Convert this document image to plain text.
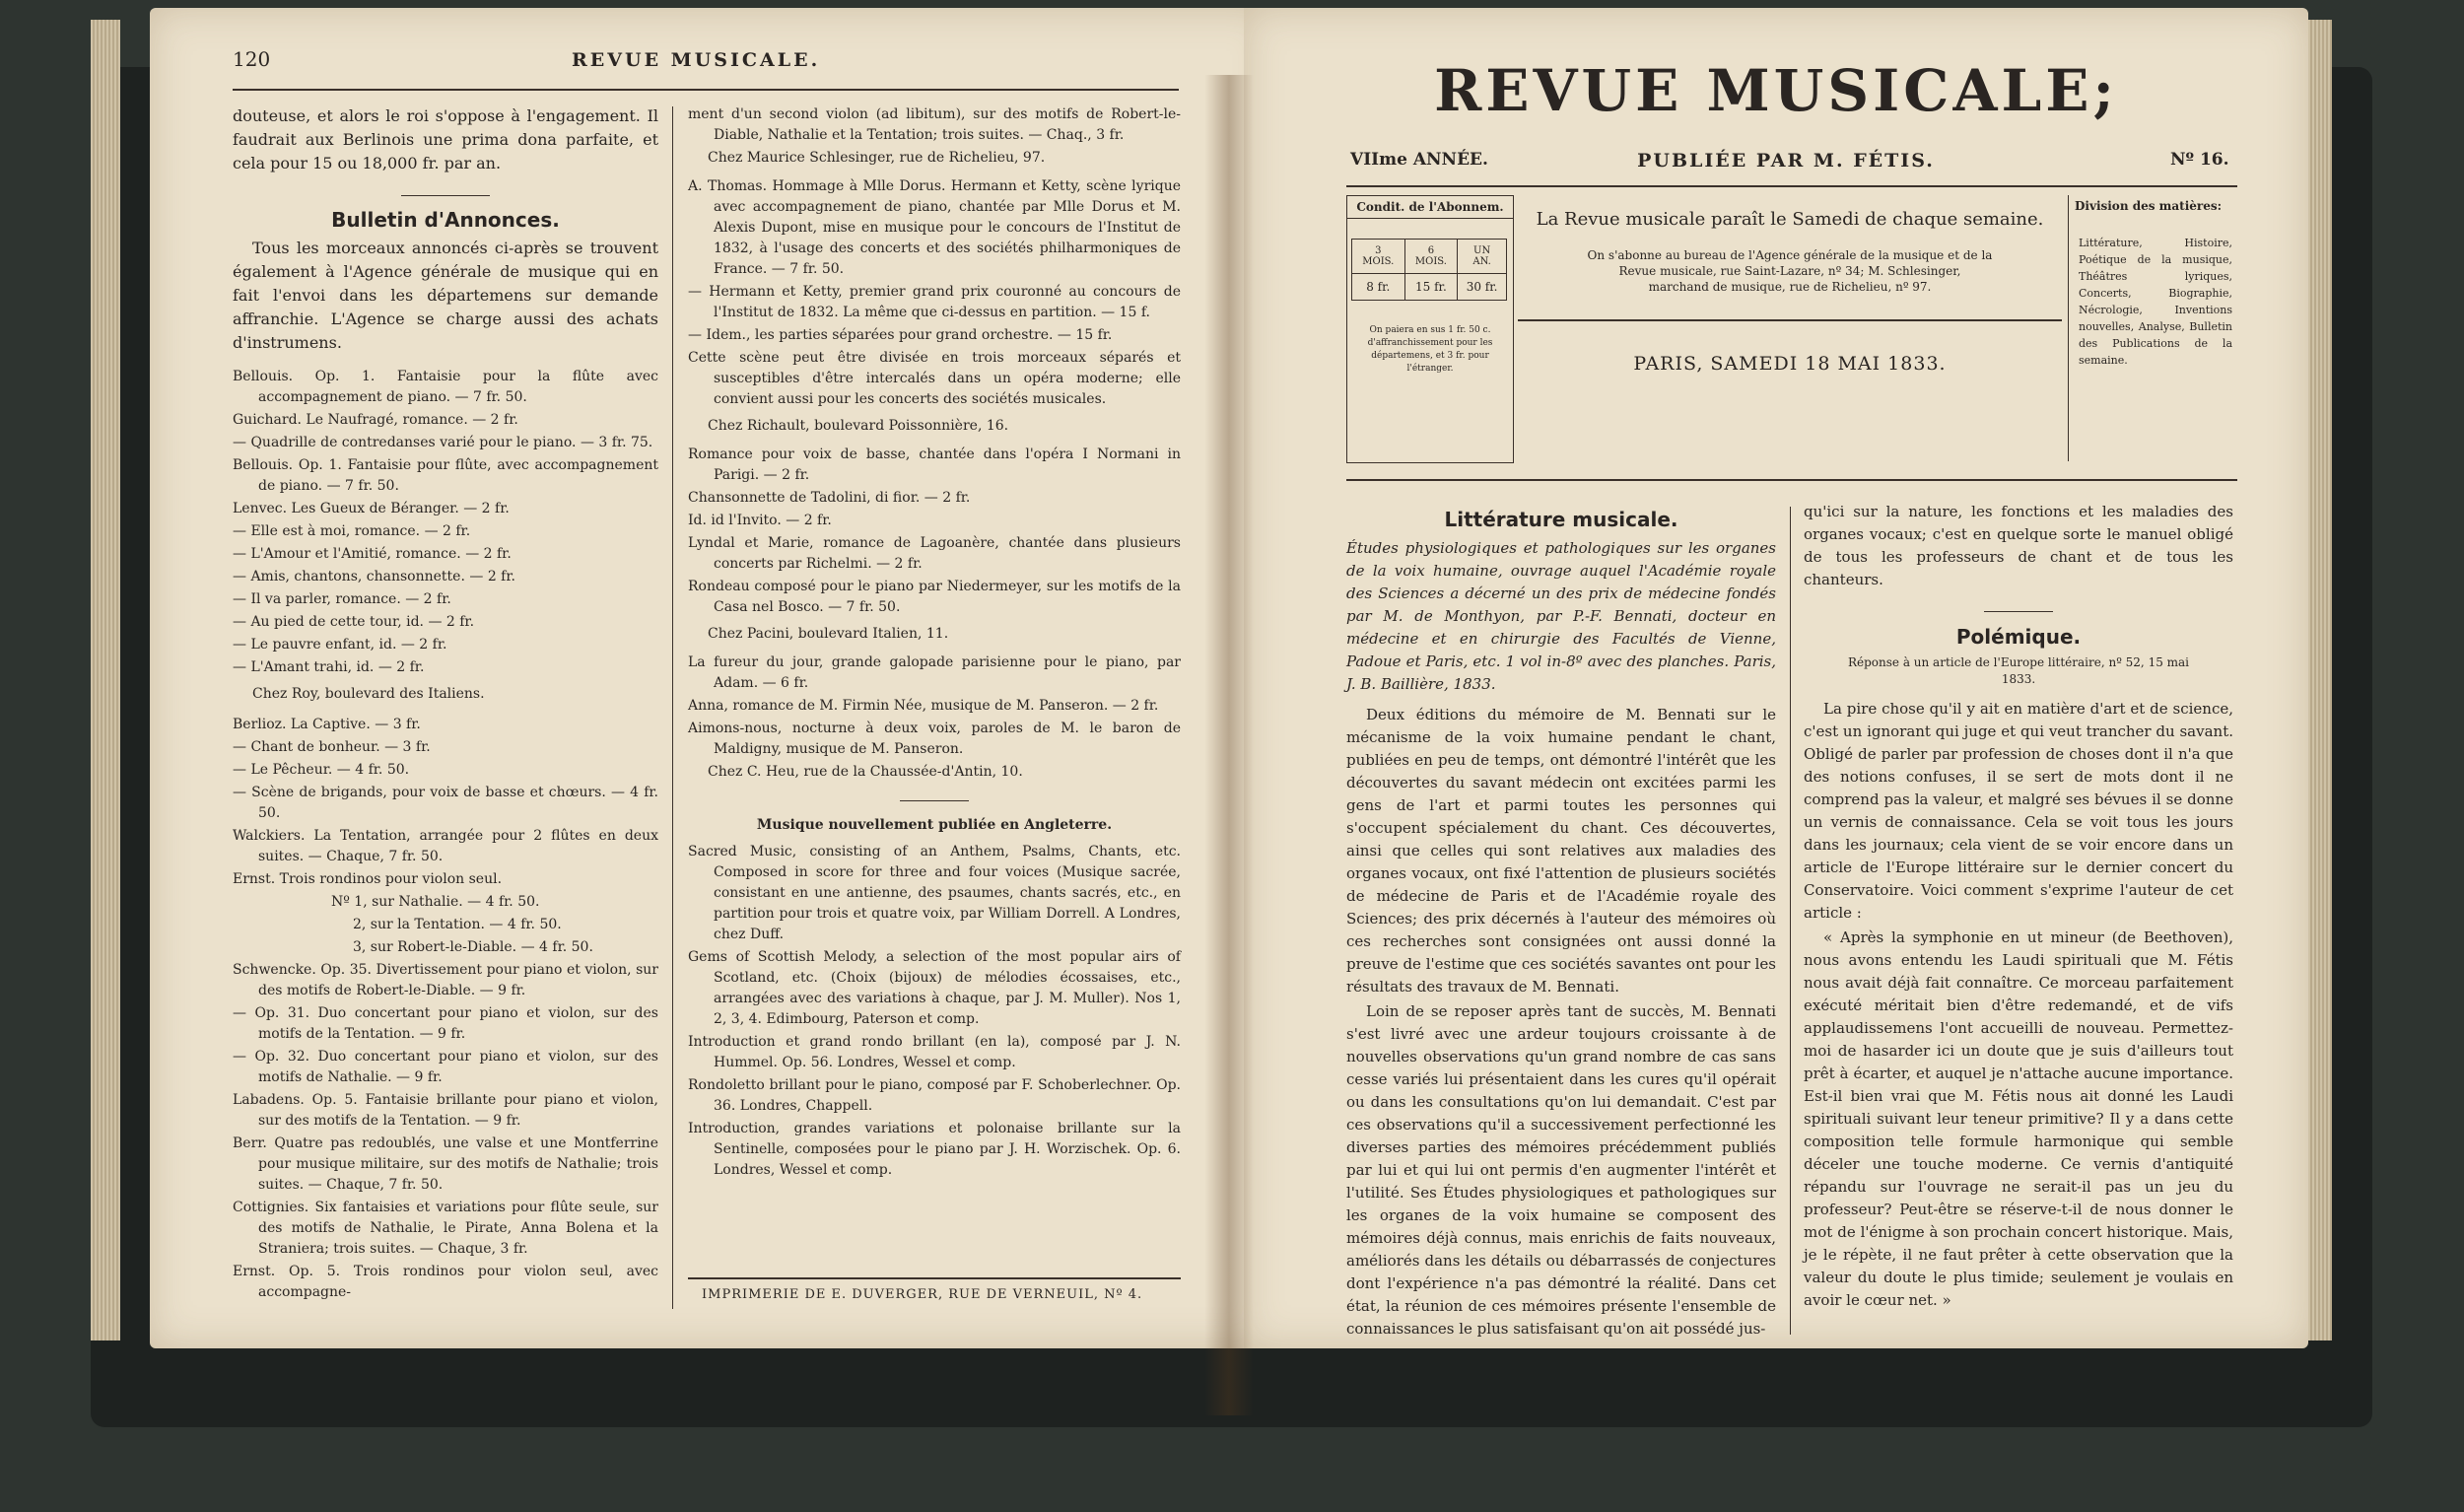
120	REVUE MUSICALE.

douteuse, et alors le roi s'oppose à l'engagement. Il faudrait aux Berlinois une prima dona parfaite, et cela pour 15 ou 18,000 fr. par an.

Bulletin d'Annonces.

Tous les morceaux annoncés ci-après se trouvent également à l'Agence générale de musique qui en fait l'envoi dans les départemens sur demande affranchie. L'Agence se charge aussi des achats d'instrumens.

Bellouis. Op. 1. Fantaisie pour la flûte avec accompagnement de piano. — 7 fr. 50.

Guichard. Le Naufragé, romance. — 2 fr.

— Quadrille de contredanses varié pour le piano. — 3 fr. 75.

Bellouis. Op. 1. Fantaisie pour flûte, avec accompagnement de piano. — 7 fr. 50.

Lenvec. Les Gueux de Béranger. — 2 fr.

— Elle est à moi, romance. — 2 fr.

— L'Amour et l'Amitié, romance. — 2 fr.

— Amis, chantons, chansonnette. — 2 fr.

— Il va parler, romance. — 2 fr.

— Au pied de cette tour, id. — 2 fr.

— Le pauvre enfant, id. — 2 fr.

— L'Amant trahi, id. — 2 fr.

Chez Roy, boulevard des Italiens.

Berlioz. La Captive. — 3 fr.

— Chant de bonheur. — 3 fr.

— Le Pêcheur. — 4 fr. 50.

— Scène de brigands, pour voix de basse et chœurs. — 4 fr. 50.

Walckiers. La Tentation, arrangée pour 2 flûtes en deux suites. — Chaque, 7 fr. 50.

Ernst. Trois rondinos pour violon seul.

Nº 1, sur Nathalie. — 4 fr. 50.

2, sur la Tentation. — 4 fr. 50.

3, sur Robert-le-Diable. — 4 fr. 50.

Schwencke. Op. 35. Divertissement pour piano et violon, sur des motifs de Robert-le-Diable. — 9 fr.

— Op. 31. Duo concertant pour piano et violon, sur des motifs de la Tentation. — 9 fr.

— Op. 32. Duo concertant pour piano et violon, sur des motifs de Nathalie. — 9 fr.

Labadens. Op. 5. Fantaisie brillante pour piano et violon, sur des motifs de la Tentation. — 9 fr.

Berr. Quatre pas redoublés, une valse et une Montferrine pour musique militaire, sur des motifs de Nathalie; trois suites. — Chaque, 7 fr. 50.

Cottignies. Six fantaisies et variations pour flûte seule, sur des motifs de Nathalie, le Pirate, Anna Bolena et la Straniera; trois suites. — Chaque, 3 fr.

Ernst. Op. 5. Trois rondinos pour violon seul, avec accompagne-

ment d'un second violon (ad libitum), sur des motifs de Robert-le-Diable, Nathalie et la Tentation; trois suites. — Chaq., 3 fr.

Chez Maurice Schlesinger, rue de Richelieu, 97.

A. Thomas. Hommage à Mlle Dorus. Hermann et Ketty, scène lyrique avec accompagnement de piano, chantée par Mlle Dorus et M. Alexis Dupont, mise en musique pour le concours de l'Institut de 1832, à l'usage des concerts et des sociétés philharmoniques de France. — 7 fr. 50.

— Hermann et Ketty, premier grand prix couronné au concours de l'Institut de 1832. La même que ci-dessus en partition. — 15 f.

— Idem., les parties séparées pour grand orchestre. — 15 fr.

Cette scène peut être divisée en trois morceaux séparés et susceptibles d'être intercalés dans un opéra moderne; elle convient aussi pour les concerts des sociétés musicales.

Chez Richault, boulevard Poissonnière, 16.

Romance pour voix de basse, chantée dans l'opéra I Normani in Parigi. — 2 fr.

Chansonnette de Tadolini, di fior. — 2 fr.

Id. id l'Invito. — 2 fr.

Lyndal et Marie, romance de Lagoanère, chantée dans plusieurs concerts par Richelmi. — 2 fr.

Rondeau composé pour le piano par Niedermeyer, sur les motifs de la Casa nel Bosco. — 7 fr. 50.

Chez Pacini, boulevard Italien, 11.

La fureur du jour, grande galopade parisienne pour le piano, par Adam. — 6 fr.

Anna, romance de M. Firmin Née, musique de M. Panseron. — 2 fr.

Aimons-nous, nocturne à deux voix, paroles de M. le baron de Maldigny, musique de M. Panseron.

Chez C. Heu, rue de la Chaussée-d'Antin, 10.

Musique nouvellement publiée en Angleterre.

Sacred Music, consisting of an Anthem, Psalms, Chants, etc. Composed in score for three and four voices (Musique sacrée, consistant en une antienne, des psaumes, chants sacrés, etc., en partition pour trois et quatre voix, par William Dorrell. A Londres, chez Duff.

Gems of Scottish Melody, a selection of the most popular airs of Scotland, etc. (Choix (bijoux) de mélodies écossaises, etc., arrangées avec des variations à chaque, par J. M. Muller). Nos 1, 2, 3, 4. Edimbourg, Paterson et comp.

Introduction et grand rondo brillant (en la), composé par J. N. Hummel. Op. 56. Londres, Wessel et comp.

Rondoletto brillant pour le piano, composé par F. Schoberlechner. Op. 36. Londres, Chappell.

Introduction, grandes variations et polonaise brillante sur la Sentinelle, composées pour le piano par J. H. Worzischek. Op. 6. Londres, Wessel et comp.

IMPRIMERIE DE E. DUVERGER, RUE DE VERNEUIL, Nº 4.
REVUE MUSICALE;
VIIme ANNÉE.	PUBLIÉE PAR M. FÉTIS.	Nº 16.
Condit. de l'Abonnem.
3 MOIS.	6 MOIS.	UN AN.
8 fr.	15 fr.	30 fr.
On paiera en sus 1 fr. 50 c. d'affranchissement pour les départemens, et 3 fr. pour l'étranger.
La Revue musicale paraît le Samedi de chaque semaine.
On s'abonne au bureau de l'Agence générale de la musique et de la Revue musicale, rue Saint-Lazare, nº 34; M. Schlesinger, marchand de musique, rue de Richelieu, nº 97.
PARIS, SAMEDI 18 MAI 1833.
Division des matières:
Littérature, Histoire, Poétique de la musique, Théâtres lyriques, Concerts, Biographie, Nécrologie, Inventions nouvelles, Analyse, Bulletin des Publications de la semaine.
Littérature musicale.

Études physiologiques et pathologiques sur les organes de la voix humaine, ouvrage auquel l'Académie royale des Sciences a décerné un des prix de médecine fondés par M. de Monthyon, par P.-F. Bennati, docteur en médecine et en chirurgie des Facultés de Vienne, Padoue et Paris, etc. 1 vol in-8º avec des planches. Paris, J. B. Baillière, 1833.

Deux éditions du mémoire de M. Bennati sur le mécanisme de la voix humaine pendant le chant, publiées en peu de temps, ont démontré l'intérêt que les découvertes du savant médecin ont excitées parmi les gens de l'art et parmi toutes les personnes qui s'occupent spécialement du chant. Ces découvertes, ainsi que celles qui sont relatives aux maladies des organes vocaux, ont fixé l'attention de plusieurs sociétés de médecine de Paris et de l'Académie royale des Sciences; des prix décernés à l'auteur des mémoires où ces recherches sont consignées ont aussi donné la preuve de l'estime que ces sociétés savantes ont pour les résultats des travaux de M. Bennati.

Loin de se reposer après tant de succès, M. Bennati s'est livré avec une ardeur toujours croissante à de nouvelles observations qu'un grand nombre de cas sans cesse variés lui présentaient dans les cures qu'il opérait ou dans les consultations qu'on lui demandait. C'est par ces observations qu'il a successivement perfectionné les diverses parties des mémoires précédemment publiés par lui et qui lui ont permis d'en augmenter l'intérêt et l'utilité. Ses Études physiologiques et pathologiques sur les organes de la voix humaine se composent des mémoires déjà connus, mais enrichis de faits nouveaux, améliorés dans les détails ou débarrassés de conjectures dont l'expérience n'a pas démontré la réalité. Dans cet état, la réunion de ces mémoires présente l'ensemble de connaissances le plus satisfaisant qu'on ait possédé jus-

qu'ici sur la nature, les fonctions et les maladies des organes vocaux; c'est en quelque sorte le manuel obligé de tous les professeurs de chant et de tous les chanteurs.

Polémique.

Réponse à un article de l'Europe littéraire, nº 52, 15 mai 1833.

La pire chose qu'il y ait en matière d'art et de science, c'est un ignorant qui juge et qui veut trancher du savant. Obligé de parler par profession de choses dont il n'a que des notions confuses, il se sert de mots dont il ne comprend pas la valeur, et malgré ses bévues il se donne un vernis de connaissance. Cela se voit tous les jours dans les journaux; cela vient de se voir encore dans un article de l'Europe littéraire sur le dernier concert du Conservatoire. Voici comment s'exprime l'auteur de cet article :

« Après la symphonie en ut mineur (de Beethoven), nous avons entendu les Laudi spirituali que M. Fétis nous avait déjà fait connaître. Ce morceau parfaitement exécuté méritait bien d'être redemandé, et de vifs applaudissemens l'ont accueilli de nouveau. Permettez-moi de hasarder ici un doute que je suis d'ailleurs tout prêt à écarter, et auquel je n'attache aucune importance. Est-il bien vrai que M. Fétis nous ait donné les Laudi spirituali suivant leur teneur primitive? Il y a dans cette composition telle formule harmonique qui semble déceler une touche moderne. Ce vernis d'antiquité répandu sur l'ouvrage ne serait-il pas un jeu du professeur? Peut-être se réserve-t-il de nous donner le mot de l'énigme à son prochain concert historique. Mais, je le répète, il ne faut prêter à cette observation que la valeur du doute le plus timide; seulement je voulais en avoir le cœur net. »
